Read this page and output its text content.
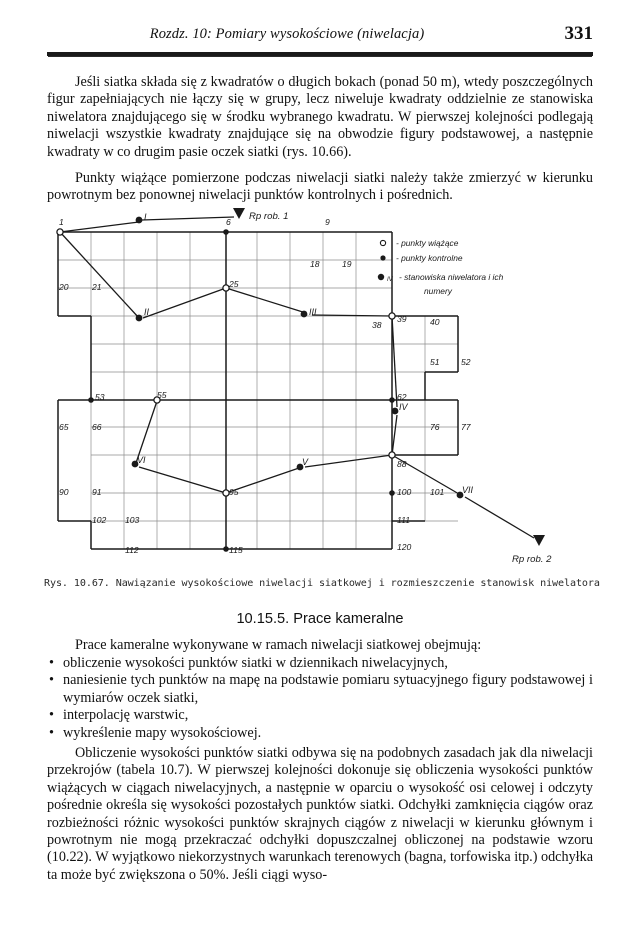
Rozdz. 10: Pomiary wysokościowe (niwelacja)	331

Jeśli siatka składa się z kwadratów o długich bokach (ponad 50 m), wtedy poszczególnych figur zapełniających nie łączy się w grupy, lecz niweluje kwadraty oddzielnie ze stanowiska niwelatora znajdującego się w środku wybranego kwadratu. W pierwszej kolejności podlegają niwelacji wszystkie kwadraty znajdujące się na obwodzie figury podstawowej, a następnie kwadraty w co drugim pasie oczek siatki (rys. 10.66).

Punkty wiążące pomierzone podczas niwelacji siatki należy także zmierzyć w kierunku powrotnym bez ponownej niwelacji punktów kontrolnych i pośrednich.

Rp rob. 1
Rp rob. 2
- punkty wiążące
- punkty kontrolne
IV - stanowiska niwelatora i ich
numery
1	6	9
18	19
20	21	25
38
39	40
51 52
53	55	62
65	66	76 77
88
90	91	95	100 101
102 103	111
112	115	120
I
II	III
IV
V
VI
VII
Rys. 10.67. Nawiązanie wysokościowe niwelacji siatkowej i rozmieszczenie stanowisk niwelatora
10.15.5. Prace kameralne
Prace kameralne wykonywane w ramach niwelacji siatkowej obejmują:
• obliczenie wysokości punktów siatki w dziennikach niwelacyjnych,
• naniesienie tych punktów na mapę na podstawie pomiaru sytuacyjnego figury podstawowej i wymiarów oczek siatki,
• interpolację warstwic,
• wykreślenie mapy wysokościowej.

Obliczenie wysokości punktów siatki odbywa się na podobnych zasadach jak dla niwelacji przekrojów (tabela 10.7). W pierwszej kolejności dokonuje się obliczenia wysokości punktów wiążących w ciągach niwelacyjnych, a następnie w oparciu o wysokość osi celowej i odczyty pośrednie określa się wysokości pozostałych punktów siatki. Odchyłki zamknięcia ciągów oraz rozbieżności różnic wysokości punktów skrajnych ciągów z niwelacji w kierunku głównym i powrotnym nie mogą przekraczać odchyłki dopuszczalnej obliczonej na podstawie wzoru (10.22). W wyjątkowo niekorzystnych warunkach terenowych (bagna, torfowiska itp.) odchyłka ta może być zwiększona o 50%. Jeśli ciągi wyso-
